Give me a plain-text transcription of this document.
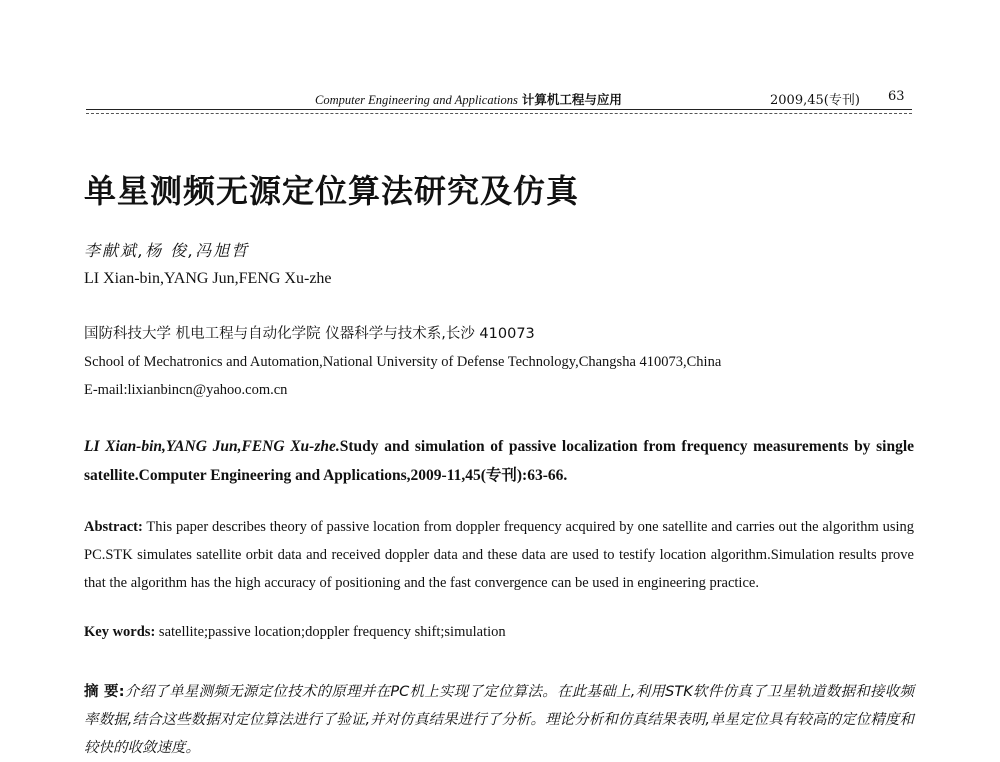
Computer Engineering and Applications 计算机工程与应用	2009,45(专刊) 63
单星测频无源定位算法研究及仿真
李献斌,杨 俊,冯旭哲
LI Xian-bin,YANG Jun,FENG Xu-zhe
国防科技大学 机电工程与自动化学院 仪器科学与技术系,长沙 410073
School of Mechatronics and Automation,National University of Defense Technology,Changsha 410073,China
E-mail:lixianbincn@yahoo.com.cn
LI Xian-bin,YANG Jun,FENG Xu-zhe.Study and simulation of passive localization from frequency measurements by single satellite.Computer Engineering and Applications,2009-11,45(专刊):63-66.
Abstract: This paper describes theory of passive location from doppler frequency acquired by one satellite and carries out the algorithm using PC.STK simulates satellite orbit data and received doppler data and these data are used to testify location algorithm.Simulation results prove that the algorithm has the high accuracy of positioning and the fast convergence can be used in engineering practice.
Key words: satellite;passive location;doppler frequency shift;simulation
摘 要:介绍了单星测频无源定位技术的原理并在PC机上实现了定位算法。在此基础上,利用STK软件仿真了卫星轨道数据和接收频率数据,结合这些数据对定位算法进行了验证,并对仿真结果进行了分析。理论分析和仿真结果表明,单星定位具有较高的定位精度和较快的收敛速度。
